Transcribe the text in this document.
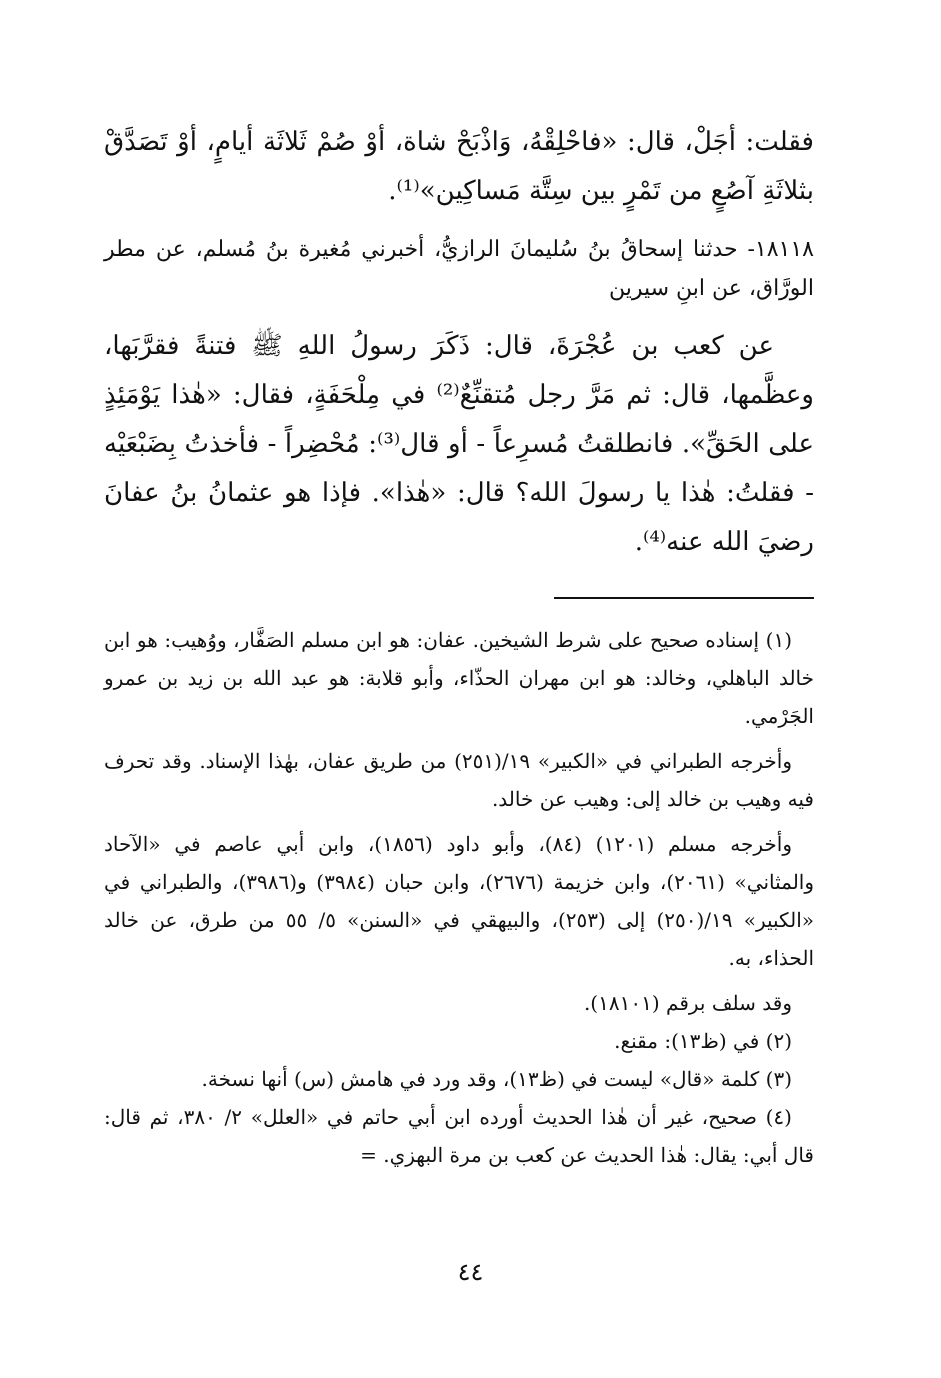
فقلت: أجَلْ، قال: «فاحْلِقْهُ، وَاذْبَحْ شاة، أوْ صُمْ ثَلاثَة أيامٍ، أوْ تَصَدَّقْ بثلاثَةِ آصُعٍ من تَمْرٍ بين سِتَّة مَساكِين»⁽¹⁾.

١٨١١٨- حدثنا إسحاقُ بنُ سُليمانَ الرازيُّ، أخبرني مُغيرة بنُ مُسلم، عن مطر الورَّاق، عن ابنِ سيرين

عن كعب بن عُجْرَةَ، قال: ذَكَرَ رسولُ اللهِ ﷺ فتنةً فقرَّبَها، وعظَّمها، قال: ثم مَرَّ رجل مُتقنِّعٌ⁽²⁾ في مِلْحَفَةٍ، فقال: «هٰذا يَوْمَئِذٍ على الحَقِّ». فانطلقتُ مُسرِعاً - أو قال⁽³⁾: مُحْضِراً - فأخذتُ بِضَبْعَيْه - فقلتُ: هٰذا يا رسولَ الله؟ قال: «هٰذا». فإذا هو عثمانُ بنُ عفانَ رضيَ الله عنه⁽⁴⁾.

(١) إسناده صحيح على شرط الشيخين. عفان: هو ابن مسلم الصَفَّار، ووُهيب: هو ابن خالد الباهلي، وخالد: هو ابن مهران الحذّاء، وأبو قلابة: هو عبد الله بن زيد بن عمرو الجَرْمي.

وأخرجه الطبراني في «الكبير» ١٩/(٢٥١) من طريق عفان، بهٰذا الإسناد. وقد تحرف فيه وهيب بن خالد إلى: وهيب عن خالد.

وأخرجه مسلم (١٢٠١) (٨٤)، وأبو داود (١٨٥٦)، وابن أبي عاصم في «الآحاد والمثاني» (٢٠٦١)، وابن خزيمة (٢٦٧٦)، وابن حبان (٣٩٨٤) و(٣٩٨٦)، والطبراني في «الكبير» ١٩/(٢٥٠) إلى (٢٥٣)، والبيهقي في «السنن» ٥/ ٥٥ من طرق، عن خالد الحذاء، به.

وقد سلف برقم (١٨١٠١).

(٢) في (ظ١٣): مقنع.

(٣) كلمة «قال» ليست في (ظ١٣)، وقد ورد في هامش (س) أنها نسخة.

(٤) صحيح، غير أن هٰذا الحديث أورده ابن أبي حاتم في «العلل» ٢/ ٣٨٠، ثم قال: قال أبي: يقال: هٰذا الحديث عن كعب بن مرة البهزي. =

٤٤
